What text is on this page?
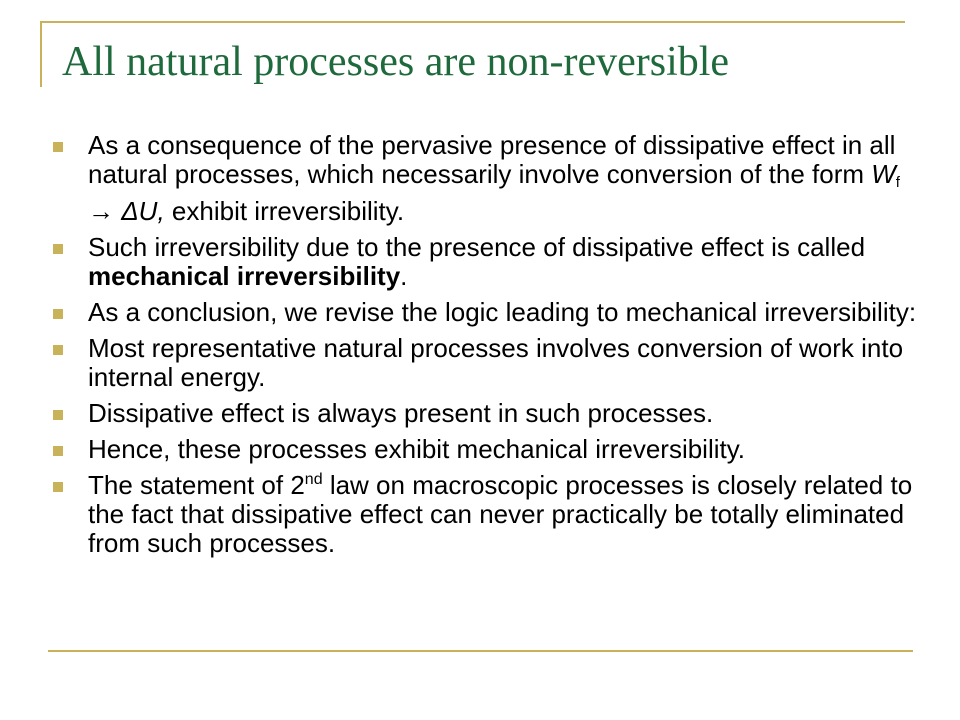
All natural processes are non-reversible
As a consequence of the pervasive presence of dissipative effect in all natural processes, which necessarily involve conversion of the form $W_f \to \Delta U$, exhibit irreversibility.
Such irreversibility due to the presence of dissipative effect is called mechanical irreversibility.
As a conclusion, we revise the logic leading to mechanical irreversibility:
Most representative natural processes involves conversion of work into internal energy.
Dissipative effect is always present in such processes.
Hence, these processes exhibit mechanical irreversibility.
The statement of 2nd law on macroscopic processes is closely related to the fact that dissipative effect can never practically be totally eliminated from such processes.
